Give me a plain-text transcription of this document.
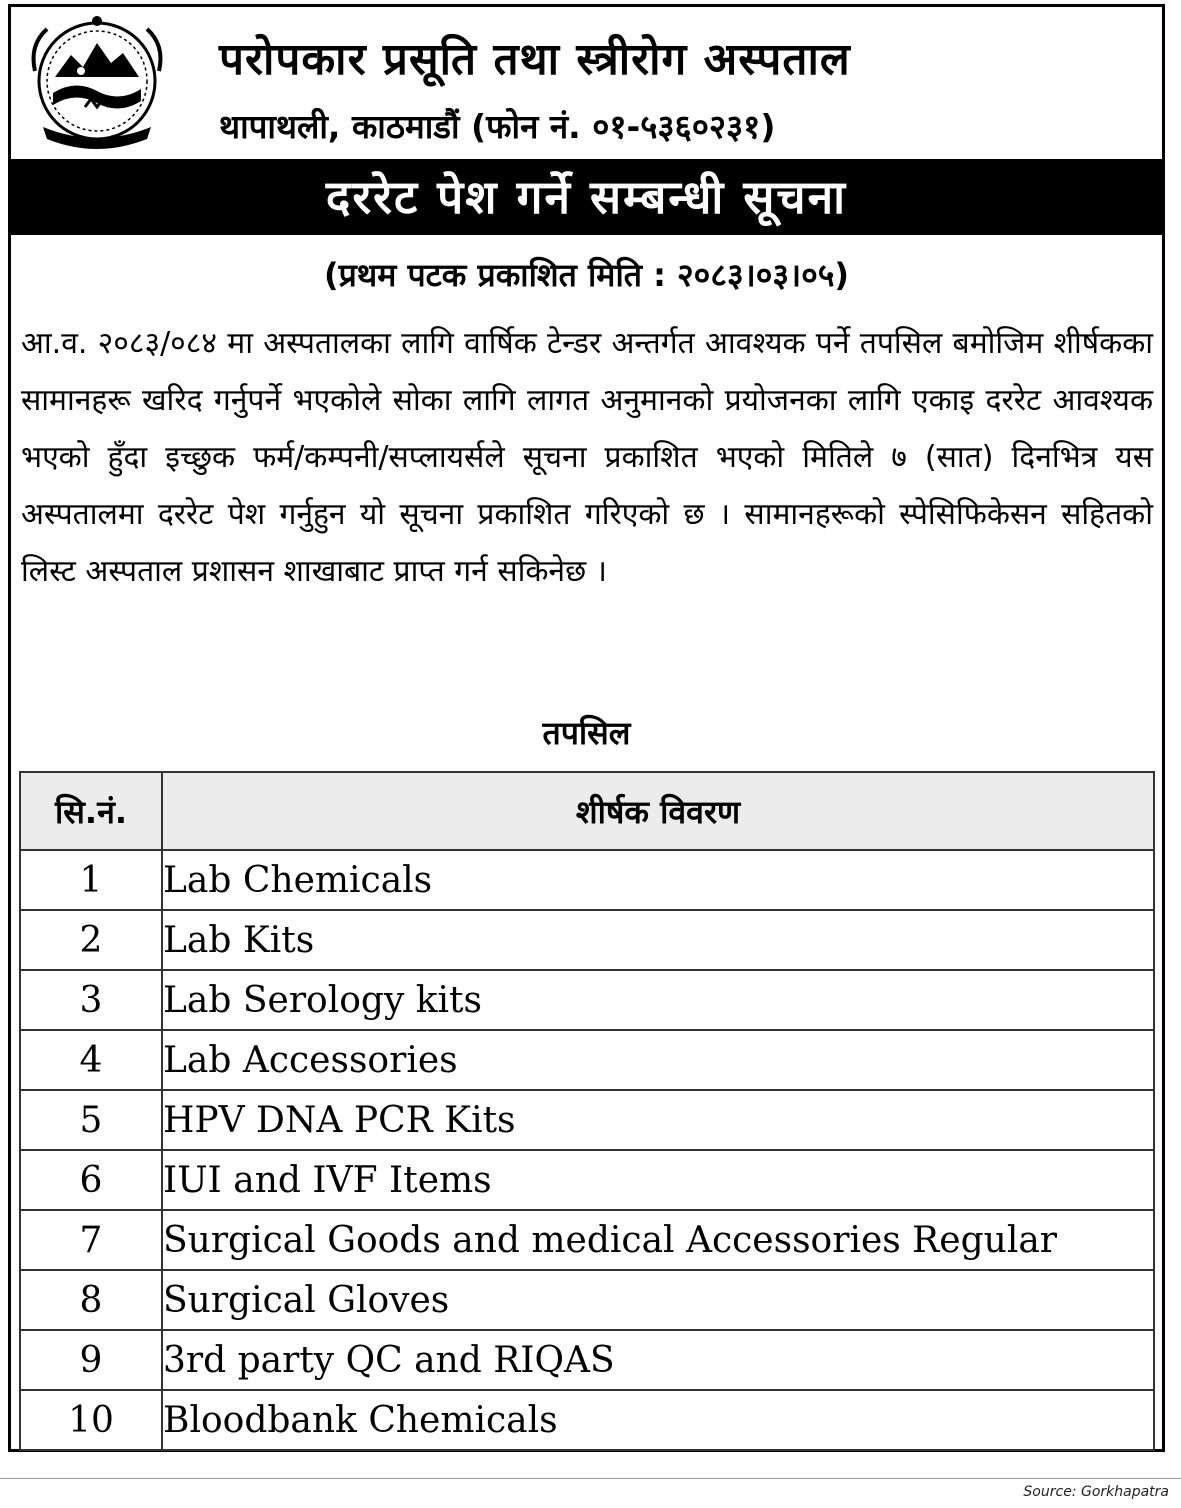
परोपकार प्रसूति तथा स्त्रीरोग अस्पताल
थापाथली, काठमाडौं (फोन नं. ०१-५३६०२३१)
दररेट पेश गर्ने सम्बन्धी सूचना
(प्रथम पटक प्रकाशित मिति : २०८३।०३।०५)
आ.व. २०८३/०८४ मा अस्पतालका लागि वार्षिक टेन्डर अन्तर्गत आवश्यक पर्ने तपसिल बमोजिम शीर्षकका सामानहरू खरिद गर्नुपर्ने भएकोले सोका लागि लागत अनुमानको प्रयोजनका लागि एकाइ दररेट आवश्यक भएको हुँदा इच्छुक फर्म/कम्पनी/सप्लायर्सले सूचना प्रकाशित भएको मितिले ७ (सात) दिनभित्र यस अस्पतालमा दररेट पेश गर्नुहुन यो सूचना प्रकाशित गरिएको छ । सामानहरूको स्पेसिफिकेसन सहितको लिस्ट अस्पताल प्रशासन शाखाबाट प्राप्त गर्न सकिनेछ ।
तपसिल
सि.नं.	शीर्षक विवरण
1	Lab Chemicals
2	Lab Kits
3	Lab Serology kits
4	Lab Accessories
5	HPV DNA PCR Kits
6	IUI and IVF Items
7	Surgical Goods and medical Accessories Regular
8	Surgical Gloves
9	3rd party QC and RIQAS
10	Bloodbank Chemicals
Source: Gorkhapatra
